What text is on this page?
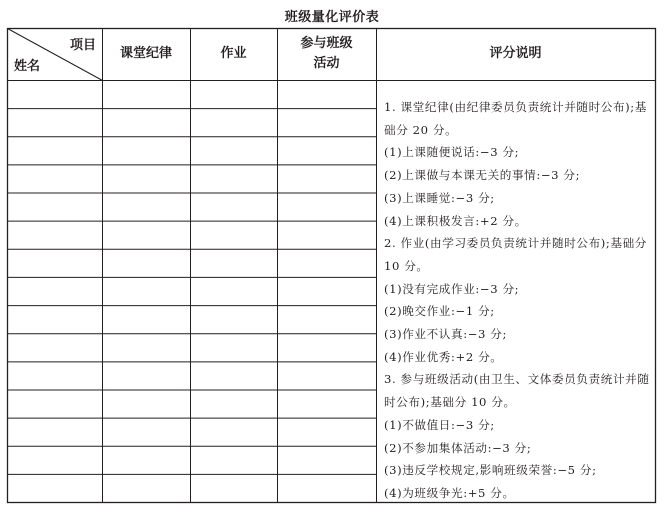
班级量化评价表
项目
姓名
课堂纪律	作业
参与班级
活动
评分说明
1. 课堂纪律(由纪律委员负责统计并随时公布);基础分 20 分。
(1)上课随便说话:−3 分;
(2)上课做与本课无关的事情:−3 分;
(3)上课睡觉:−3 分;
(4)上课积极发言:+2 分。
2. 作业(由学习委员负责统计并随时公布);基础分 10 分。
(1)没有完成作业:−3 分;
(2)晚交作业:−1 分;
(3)作业不认真:−3 分;
(4)作业优秀:+2 分。
3. 参与班级活动(由卫生、文体委员负责统计并随时公布);基础分 10 分。
(1)不做值日:−3 分;
(2)不参加集体活动:−3 分;
(3)违反学校规定,影响班级荣誉:−5 分;
(4)为班级争光:+5 分。
